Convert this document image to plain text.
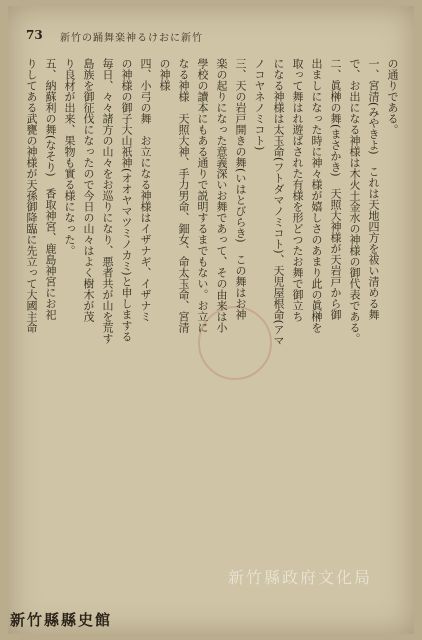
73 新竹の踊舞楽神るけおに新竹
の通りである。
一、宮清(みやきよ)　これは天地四方を祓い清める舞
で、お出になる神様は木火土金水の神様の御代表である。
二、眞榊の舞(まさかき)　天照大神様が天岩戸から御
出ましになった時に神々様が嬉しさのあまり此の眞榊を
取って舞はれ遊ばされた有様を形どつたお舞で御立ち
になる神様は太玉命(フトダマノミコト)、天児屋根命(アマ
ノコヤネノミコト)
三、天の岩戸開きの舞(いはとびらき)　この舞はお神
楽の起りになった意義深いお舞であって、その由来は小
學校の讀本にもある通りで説明するまでもない。お立に
なる神様　天照大神、手力男命、鈿女、命太玉命、宮清
の神様
四、小弓の舞　お立になる神様はイザナギ、イザナミ
の神様の御子大山祇神(オオヤマツミノカミ)と申しまする
毎日、々々諸方の山々をお巡りになり、悪者共が山を荒す
島族を御征伐になったので今日の山々はよく樹木が茂
り良材が出来、果物も實る様になった。
五、納蘇利の舞(なそり)　香取神宮、鹿島神宮にお祀
りしてある武甕の神様が天孫御降臨に先立って大國主命
新竹縣政府文化局
新竹縣縣史館
